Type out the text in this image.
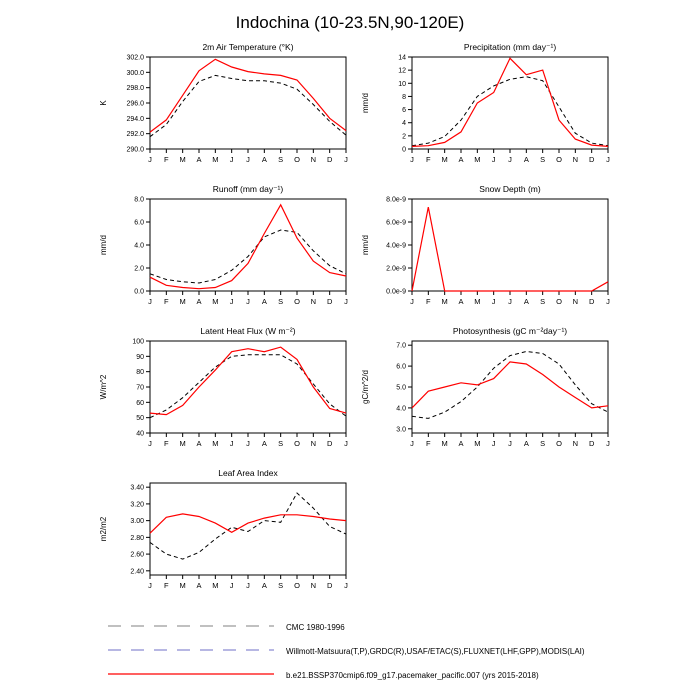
Indochina (10-23.5N,90-120E)
2m Air Temperature (°K)
K
290.0
292.0
294.0
296.0
298.0
300.0
302.0
J F M A M J J A S O N D J
Precipitation (mm day⁻¹)
mm/d
0
2
4
6
8
10
12
14
J F M A M J J A S O N D J
Runoff (mm day⁻¹)
mm/d
0.0
2.0
4.0
6.0
8.0
J F M A M J J A S O N D J
Snow Depth (m)
mm/d
0.0e-9
2.0e-9
4.0e-9
6.0e-9
8.0e-9
J F M A M J J A S O N D J
Latent Heat Flux (W m⁻²)
W/m^2
40
50
60
70
80
90
100
J F M A M J J A S O N D J
Photosynthesis (gC m⁻²day⁻¹)
gC/m^2/d
3.0
4.0
5.0
6.0
7.0
J F M A M J J A S O N D J
Leaf Area Index
m2/m2
2.40
2.60
2.80
3.00
3.20
3.40
J F M A M J J A S O N D J
CMC 1980-1996
Willmott-Matsuura(T,P),GRDC(R),USAF/ETAC(S),FLUXNET(LHF,GPP),MODIS(LAI)
b.e21.BSSP370cmip6.f09_g17.pacemaker_pacific.007 (yrs 2015-2018)
